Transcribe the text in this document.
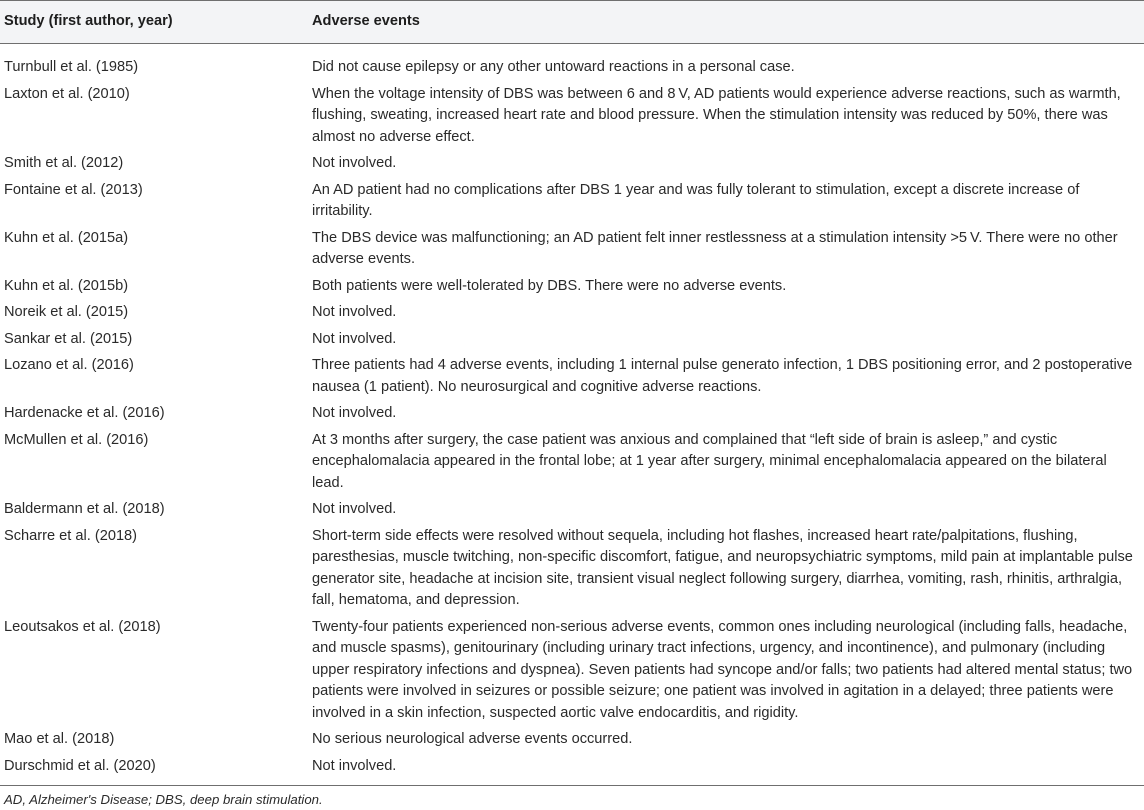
Study (first author, year)	Adverse events
Turnbull et al. (1985)	Did not cause epilepsy or any other untoward reactions in a personal case.
Laxton et al. (2010)	When the voltage intensity of DBS was between 6 and 8 V, AD patients would experience adverse reactions, such as warmth, flushing, sweating, increased heart rate and blood pressure. When the stimulation intensity was reduced by 50%, there was almost no adverse effect.
Smith et al. (2012)	Not involved.
Fontaine et al. (2013)	An AD patient had no complications after DBS 1 year and was fully tolerant to stimulation, except a discrete increase of irritability.
Kuhn et al. (2015a)	The DBS device was malfunctioning; an AD patient felt inner restlessness at a stimulation intensity >5 V. There were no other adverse events.
Kuhn et al. (2015b)	Both patients were well-tolerated by DBS. There were no adverse events.
Noreik et al. (2015)	Not involved.
Sankar et al. (2015)	Not involved.
Lozano et al. (2016)	Three patients had 4 adverse events, including 1 internal pulse generato infection, 1 DBS positioning error, and 2 postoperative nausea (1 patient). No neurosurgical and cognitive adverse reactions.
Hardenacke et al. (2016)	Not involved.
McMullen et al. (2016)	At 3 months after surgery, the case patient was anxious and complained that “left side of brain is asleep,” and cystic encephalomalacia appeared in the frontal lobe; at 1 year after surgery, minimal encephalomalacia appeared on the bilateral lead.
Baldermann et al. (2018)	Not involved.
Scharre et al. (2018)	Short-term side effects were resolved without sequela, including hot flashes, increased heart rate/palpitations, flushing, paresthesias, muscle twitching, non-specific discomfort, fatigue, and neuropsychiatric symptoms, mild pain at implantable pulse generator site, headache at incision site, transient visual neglect following surgery, diarrhea, vomiting, rash, rhinitis, arthralgia, fall, hematoma, and depression.
Leoutsakos et al. (2018)	Twenty-four patients experienced non-serious adverse events, common ones including neurological (including falls, headache, and muscle spasms), genitourinary (including urinary tract infections, urgency, and incontinence), and pulmonary (including upper respiratory infections and dyspnea). Seven patients had syncope and/or falls; two patients had altered mental status; two patients were involved in seizures or possible seizure; one patient was involved in agitation in a delayed; three patients were involved in a skin infection, suspected aortic valve endocarditis, and rigidity.
Mao et al. (2018)	No serious neurological adverse events occurred.
Durschmid et al. (2020)	Not involved.
AD, Alzheimer's Disease; DBS, deep brain stimulation.
